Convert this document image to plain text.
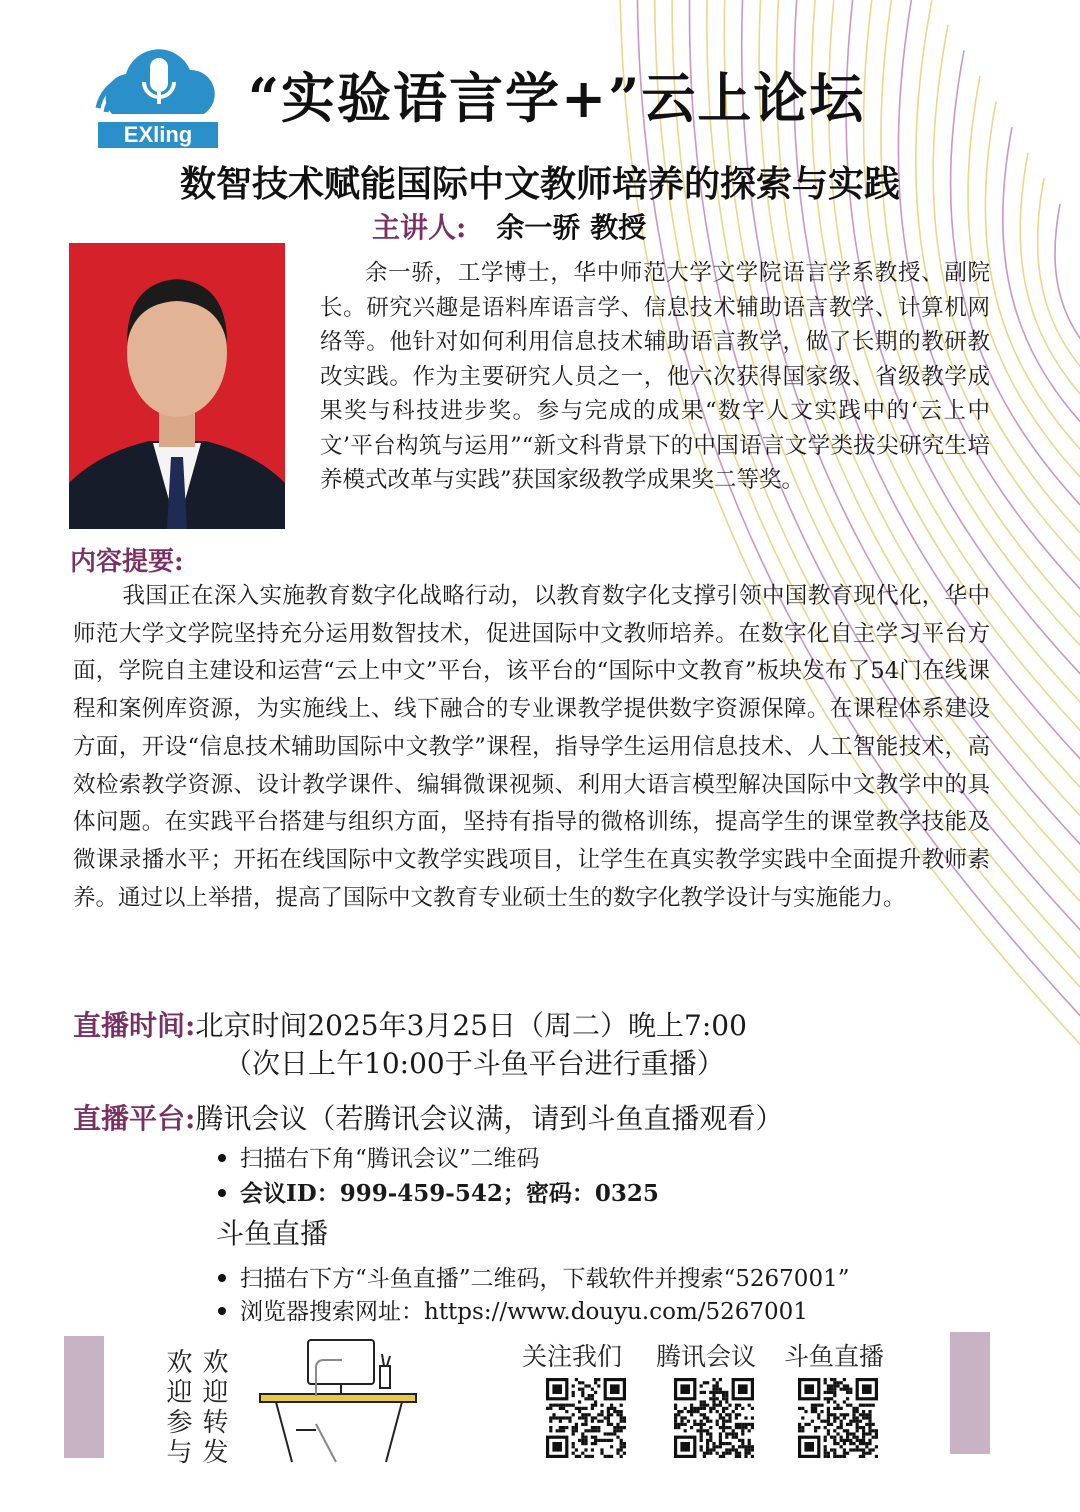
EXling
“实验语言学+”云上论坛
数智技术赋能国际中文教师培养的探索与实践
主讲人: 余一骄 教授
余一骄，工学博士，华中师范大学文学院语言学系教授、副院长。研究兴趣是语料库语言学、信息技术辅助语言教学、计算机网络等。他针对如何利用信息技术辅助语言教学，做了长期的教研教改实践。作为主要研究人员之一，他六次获得国家级、省级教学成果奖与科技进步奖。参与完成的成果“数字人文实践中的‘云上中文’平台构筑与运用”“新文科背景下的中国语言文学类拔尖研究生培养模式改革与实践”获国家级教学成果奖二等奖。
内容提要:
我国正在深入实施教育数字化战略行动，以教育数字化支撑引领中国教育现代化，华中师范大学文学院坚持充分运用数智技术，促进国际中文教师培养。在数字化自主学习平台方面，学院自主建设和运营“云上中文”平台，该平台的“国际中文教育”板块发布了54门在线课程和案例库资源，为实施线上、线下融合的专业课教学提供数字资源保障。在课程体系建设方面，开设“信息技术辅助国际中文教学”课程，指导学生运用信息技术、人工智能技术，高效检索教学资源、设计教学课件、编辑微课视频、利用大语言模型解决国际中文教学中的具体问题。在实践平台搭建与组织方面，坚持有指导的微格训练，提高学生的课堂教学技能及微课录播水平；开拓在线国际中文教学实践项目，让学生在真实教学实践中全面提升教师素养。通过以上举措，提高了国际中文教育专业硕士生的数字化教学设计与实施能力。
直播时间:北京时间2025年3月25日（周二）晚上7:00
（次日上午10:00于斗鱼平台进行重播）
直播平台:腾讯会议（若腾讯会议满，请到斗鱼直播观看）
扫描右下角“腾讯会议”二维码
会议ID：999-459-542；密码：0325
斗鱼直播
扫描右下方“斗鱼直播”二维码，下载软件并搜索“5267001”
浏览器搜索网址：https://www.douyu.com/5267001
欢迎转发
欢迎参与	关注我们 腾讯会议 斗鱼直播
